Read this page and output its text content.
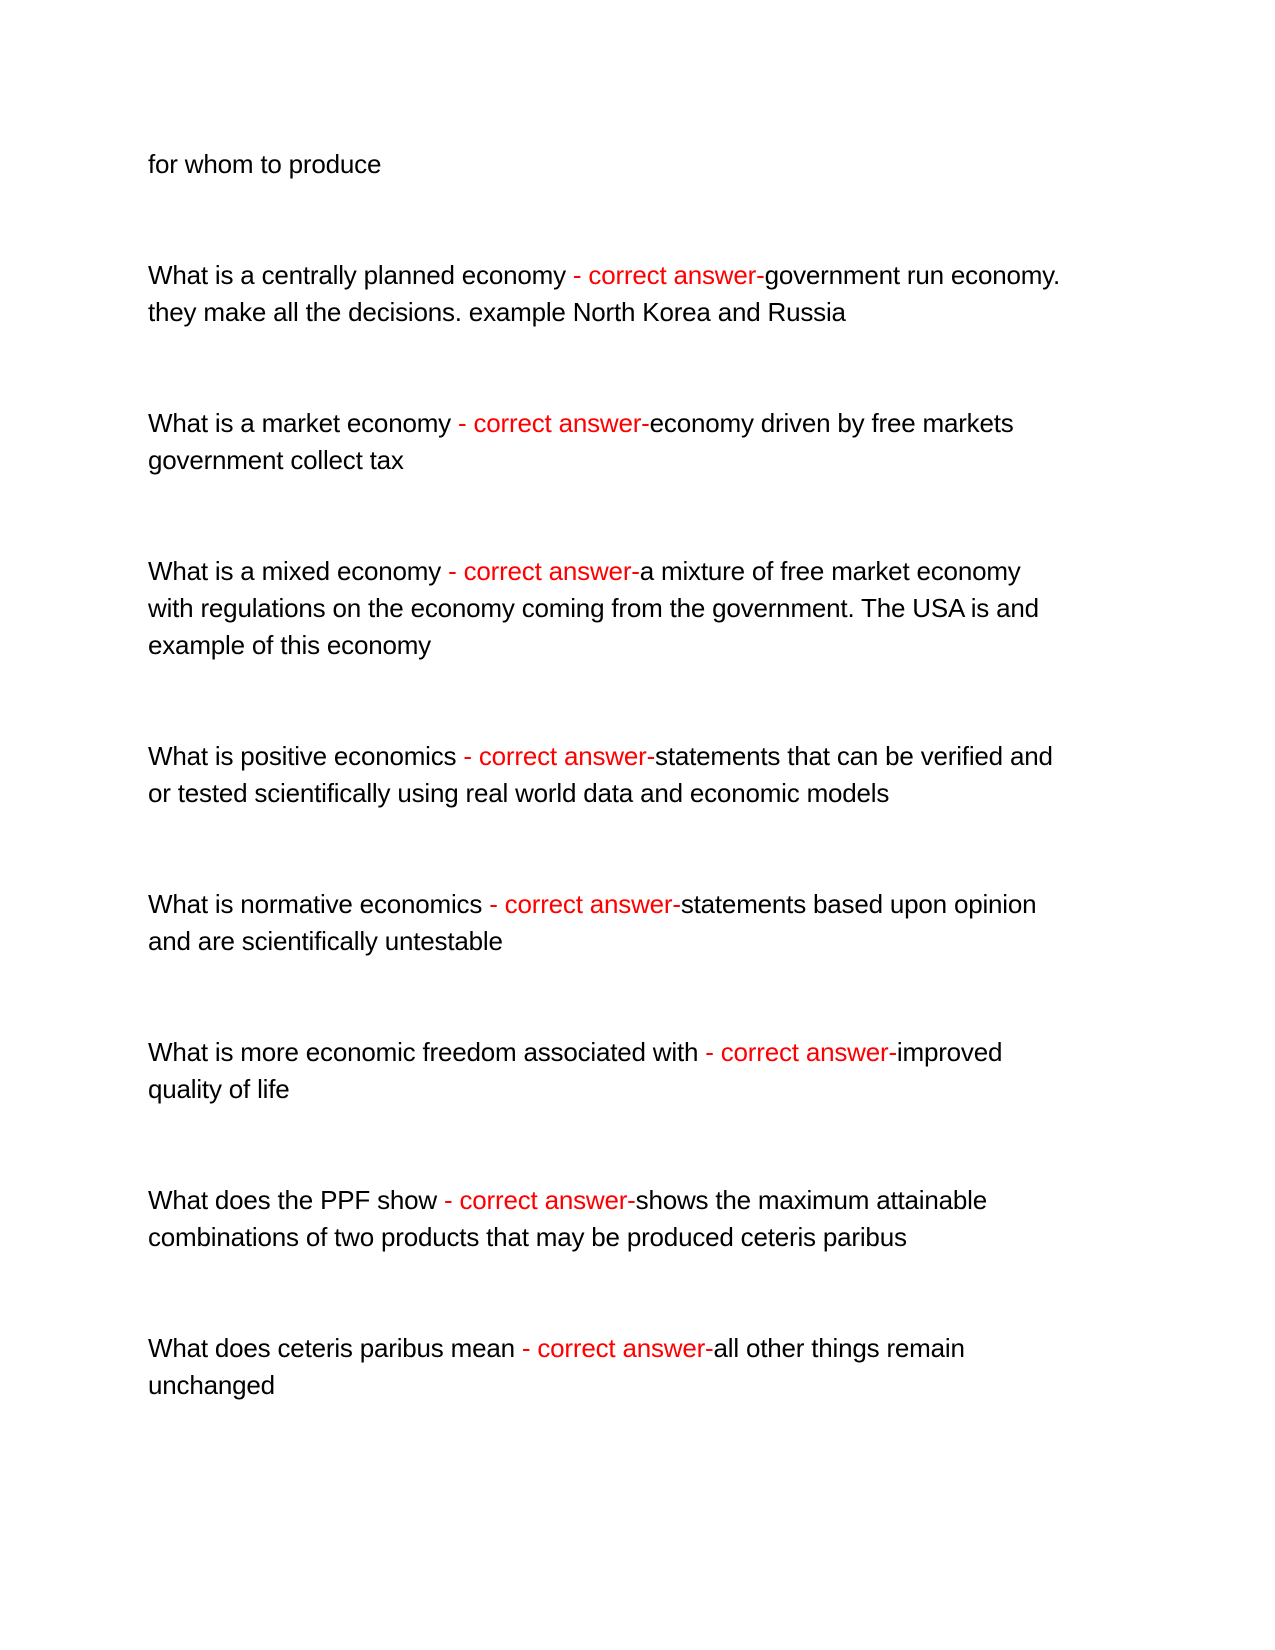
for whom to produce
What is a centrally planned economy - correct answer-government run economy.
they make all the decisions. example North Korea and Russia
What is a market economy - correct answer-economy driven by free markets
government collect tax
What is a mixed economy - correct answer-a mixture of free market economy
with regulations on the economy coming from the government. The USA is and
example of this economy
What is positive economics - correct answer-statements that can be verified and
or tested scientifically using real world data and economic models
What is normative economics - correct answer-statements based upon opinion
and are scientifically untestable
What is more economic freedom associated with - correct answer-improved
quality of life
What does the PPF show - correct answer-shows the maximum attainable
combinations of two products that may be produced ceteris paribus
What does ceteris paribus mean - correct answer-all other things remain
unchanged
